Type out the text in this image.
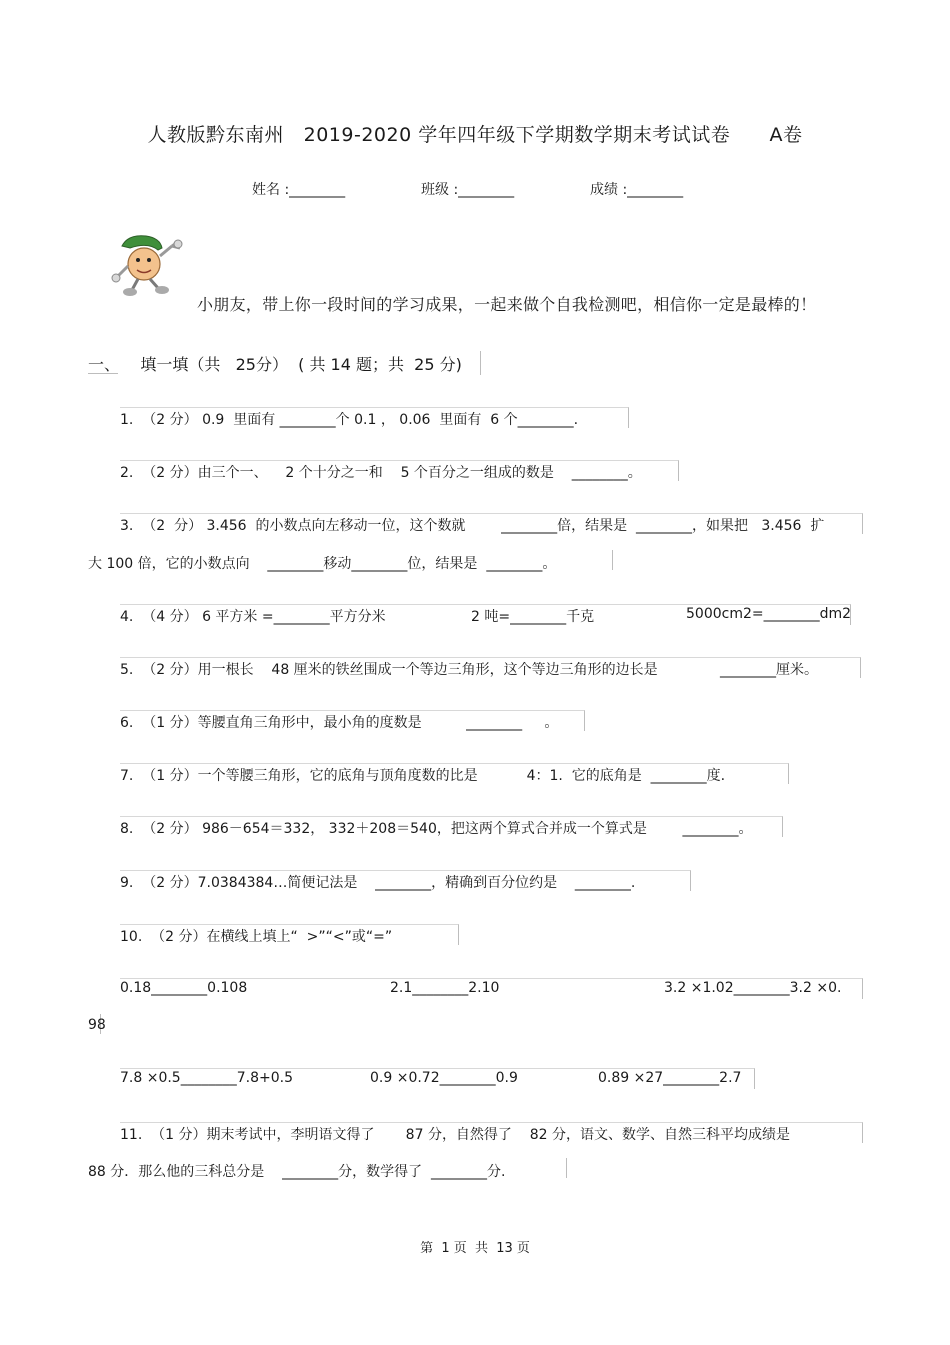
人教版黔东南州   2019-2020 学年四年级下学期数学期末考试试卷      A卷
姓名 :________	班级 :________	成绩 :________
小朋友，带上你一段时间的学习成果，一起来做个自我检测吧，相信你一定是最棒的！
一、    填一填（共   25分）  ( 共 14 题；共  25 分)
1.  （2 分） 0.9  里面有 ________个 0.1 ， 0.06  里面有  6 个________.
2.  （2 分）由三个一、    2 个十分之一和    5 个百分之一组成的数是    ________。
3.  （2  分） 3.456  的小数点向左移动一位，这个数就        ________倍，结果是  ________，如果把   3.456  扩
大 100 倍，它的小数点向    ________移动________位，结果是  ________。
4.  （4 分） 6 平方米 =________平方分米	2 吨=________千克	5000cm2=________dm2
5.  （2 分）用一根长    48 厘米的铁丝围成一个等边三角形，这个等边三角形的边长是              ________厘米。
6.  （1 分）等腰直角三角形中，最小角的度数是          ________     。
7.  （1 分）一个等腰三角形，它的底角与顶角度数的比是           4：1.  它的底角是  ________度.
8.  （2 分） 986－654＝332， 332＋208＝540，把这两个算式合并成一个算式是        ________。
9.  （2 分）7.0384384…简便记法是    ________，精确到百分位约是    ________.
10.  （2 分）在横线上填上“  >”“<”或“=”
0.18________0.108	2.1________2.10	3.2 ×1.02________3.2 ×0.
98
7.8 ×0.5________7.8+0.5	0.9 ×0.72________0.9	0.89 ×27________2.7
11.  （1 分）期末考试中，李明语文得了       87 分，自然得了    82 分，语文、数学、自然三科平均成绩是
88 分．那么他的三科总分是    ________分，数学得了  ________分.
第  1 页  共  13 页
